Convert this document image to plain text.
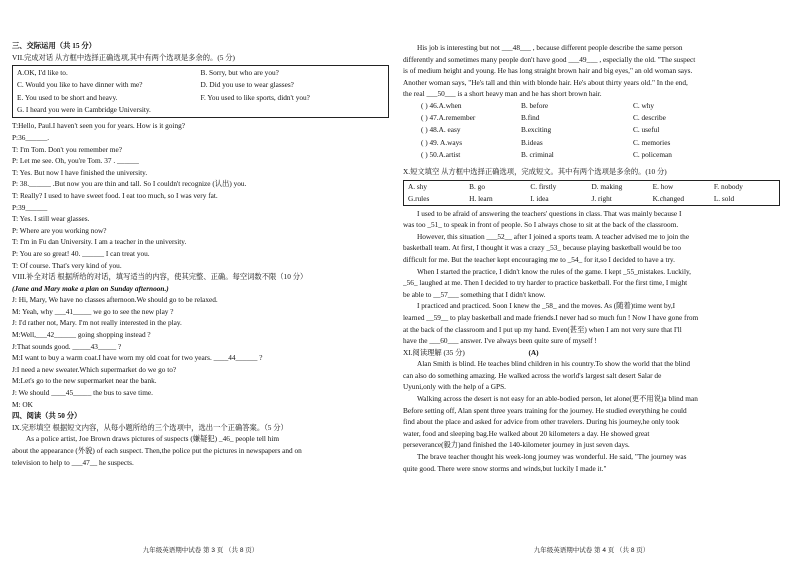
三、交际运用（共 15 分）
VII.完成对话 从方框中选择正确选项,其中有两个选项是多余的。(5 分)
A.OK, I'd like to.	B. Sorry, but who are you?
C. Would you like to have dinner with me?	D. Did you use to wear glasses?
E. You used to be short and heavy.	F. You used to like sports, didn't you?
G. I heard you were in Cambridge University.
T:Hello, Paul.I haven't seen you for years. How is it going?
P:36______.
T: I'm Tom. Don't you remember me?
P: Let me see. Oh, you're Tom. 37 . ______
T: Yes. But now I have finished the university.
P: 38.______ .But now you are thin and tall. So I couldn't recognize (认出) you.
T: Really? I used to have sweet food. I eat too much, so I was very fat.
P:39______
T: Yes. I still wear glasses.
P: Where are you working now?
T: I'm in Fu dan University. I am a teacher in the university.
P: You are so great! 40. ______ I can treat you.
T: Of course. That's very kind of you.
VIII.补全对话 根据所给的对话，填写适当的内容，使其完整、正确。每空词数不限（10 分）
(Jane and Mary make a plan on Sunday afternoon.)
J: Hi, Mary, We have no classes afternoon.We should go to be relaxed.
M: Yeah, why ___41_____ we go to see the new play ?
J: I'd rather not, Mary. I'm not really interested in the play.
M:Well,___42______ going shopping instead ?
J:That sounds good. _____43_____ ?
M:I want to buy a warm coat.I have worn my old coat for two years. ____44______ ?
J:I need a new sweater.Which supermarket do we go to?
M:Let's go to the new supermarket near the bank.
J: We should ____45_____ the bus to save time.
M: OK
四、阅读（共 50 分）
IX.完形填空 根据短文内容，从每小题所给的三个选项中，选出一个正确答案。（5 分）
As a police artist, Joe Brown draws pictures of suspects (嫌疑犯) _46_ people tell him
about the appearance (外貌) of each suspect. Then,the police put the pictures in newspapers and on
television to help to ___47__ he suspects.
九年级英语期中试卷 第 3 页 （共 8 页）
His job is interesting but not ___48___ , because different people describe the same person
differently and sometimes many people don't have good ___49___ , especially the old. "The suspect
is of medium height and young. He has long straight brown hair and big eyes," an old woman says.
Another woman says, "He's tall and thin with blonde hair. He's about thirty years old." In the end,
the real ___50___ is a short heavy man and he has short brown hair.
( ) 46.A.when	B. before	C. why
( ) 47.A.remember	B.find	C. describe
( ) 48.A. easy	B.exciting	C. useful
( ) 49. A.ways	B.ideas	C. memories
( ) 50.A.artist	B. criminal	C. policeman
X.短文填空 从方框中选择正确选项，完成短文。其中有两个选项是多余的。(10 分)
A. shy	B. go	C. firstly	D. making	E. how	F. nobody
G.rules	H. learn	I. idea	J. right	K.changed	L. sold
I used to be afraid of answering the teachers' questions in class. That was mainly because I
was too _51_ to speak in front of people. So I always chose to sit at the back of the classroom.
However, this situation ___52__ after I joined a sports team. A teacher advised me to join the
basketball team. At first, I thought it was a crazy _53_ because playing basketball would be too
difficult for me. But the teacher kept encouraging me to _54_ for it,so I decided to have a try.
When I started the practice, I didn't know the rules of the game. I kept _55_mistakes. Luckily,
_56_ laughed at me. Then I decided to try harder to practice basketball. For the first time, I might
be able to __57___ something that I didn't know.
I practiced and practiced. Soon I knew the _58_ and the moves. As (随着)time went by,I
learned __59__ to play basketball and made friends.I never had so much fun ! Now I have gone from
at the back of the classroom and I put up my hand. Even(甚至) when I am not very sure that I'll
have the ___60___ answer. I've always been quite sure of myself !
XI.阅读理解 (35 分)	(A)
Alan Smith is blind. He teaches blind children in his country.To show the world that the blind
can also do something amazing. He walked across the world's largest salt desert Salar de
Uyuni,only with the help of a GPS.
Walking across the desert is not easy for an able-bodied person, let alone(更不用说)a blind man
Before setting off, Alan spent three years training for the journey. He studied everything he could
find about the place and asked for advice from other travelers. During his journey,he only took
water, food and sleeping bag.He walked about 20 kilometers a day. He showed great
perseverance(毅力)and finished the 140-kilometer journey in just seven days.
The brave teacher thought his week-long journey was wonderful. He said, "The journey was
quite good. There were snow storms and winds,but luckily I made it."
九年级英语期中试卷 第 4 页 （共 8 页）
